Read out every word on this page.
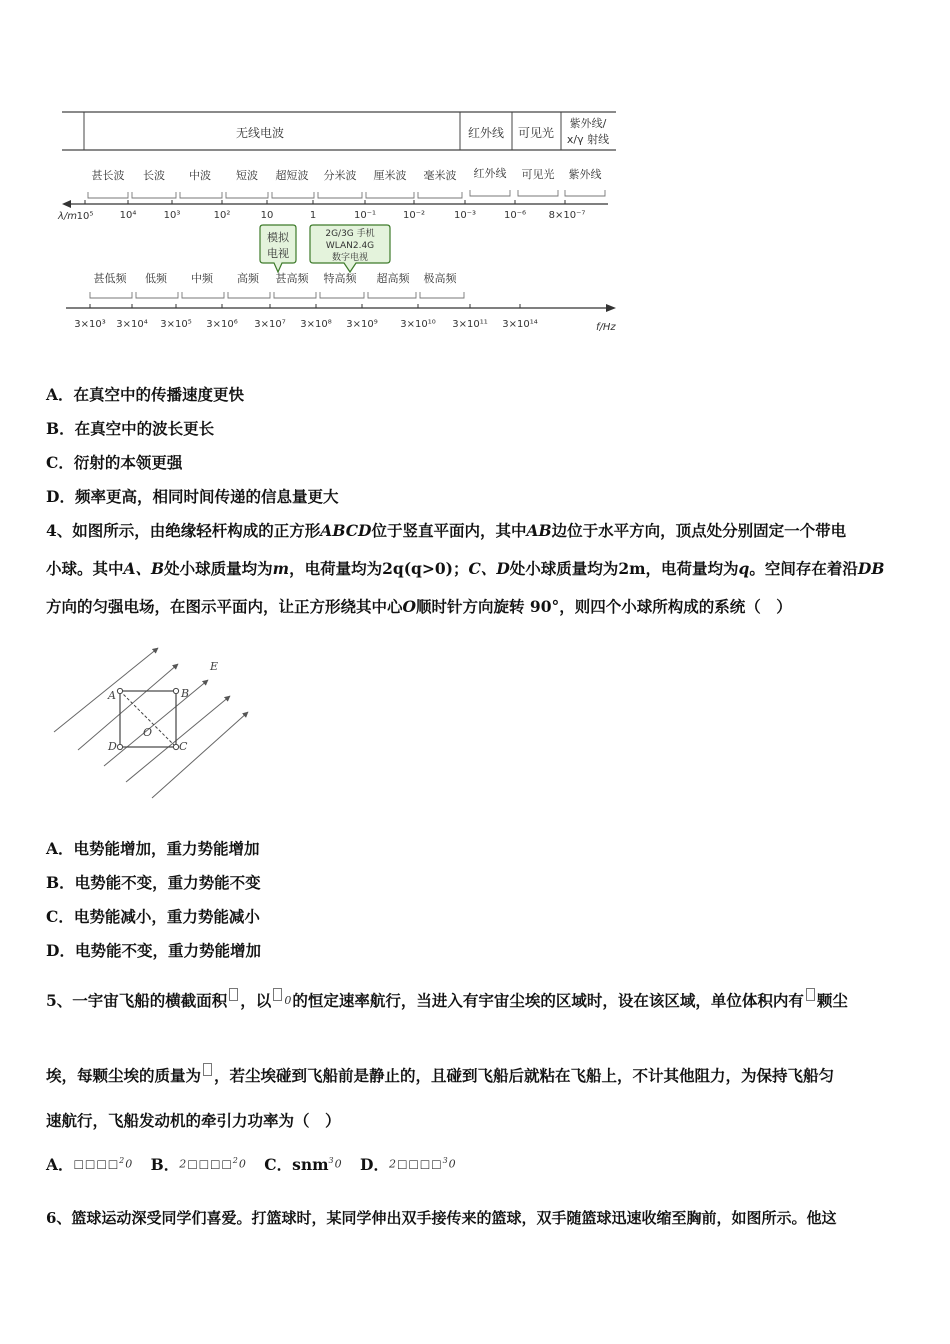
无线电波	红外线 可见光
紫外线/
x/γ 射线
甚长波 长波 中波 短波 超短波 分米波 厘米波 毫米波 红外线 可见光 紫外线
λ/m 10⁵	10⁴	10³	10²	10	1	10⁻¹	10⁻²	10⁻³	10⁻⁶ 8×10⁻⁷
模拟
电视
2G/3G 手机
WLAN2.4G
数字电视
甚低频 低频 中频 高频 甚高频 特高频 超高频 极高频
3×10³ 3×10⁴ 3×10⁵ 3×10⁶ 3×10⁷ 3×10⁸ 3×10⁹ 3×10¹⁰ 3×10¹¹ 3×10¹⁴	f/Hz
A．在真空中的传播速度更快
B．在真空中的波长更长
C．衍射的本领更强
D．频率更高，相同时间传递的信息量更大
4、如图所示，由绝缘轻杆构成的正方形ABCD位于竖直平面内，其中AB边位于水平方向，顶点处分别固定一个带电
小球。其中A、B处小球质量均为m，电荷量均为2q(q>0)；C、D处小球质量均为2m，电荷量均为q。空间存在着沿DB
方向的匀强电场，在图示平面内，让正方形绕其中心O顺时针方向旋转 90°，则四个小球所构成的系统（　）
E
A	B
C
D
O
A．电势能增加，重力势能增加
B．电势能不变，重力势能不变
C．电势能减小，重力势能减小
D．电势能不变，重力势能增加
5、一宇宙飞船的横截面积 ，以 0的恒定速率航行，当进入有宇宙尘埃的区域时，设在该区域，单位体积内有 颗尘
埃，每颗尘埃的质量为 ，若尘埃碰到飞船前是静止的，且碰到飞船后就粘在飞船上，不计其他阻力，为保持飞船匀
速航行，飞船发动机的牵引力功率为（　）
A．□□□□$^2$0 B．2□□□□$^2$0 C．snm$^3$0 D．2□□□□$^3$0
6、篮球运动深受同学们喜爱。打篮球时，某同学伸出双手接传来的篮球，双手随篮球迅速收缩至胸前，如图所示。他这
